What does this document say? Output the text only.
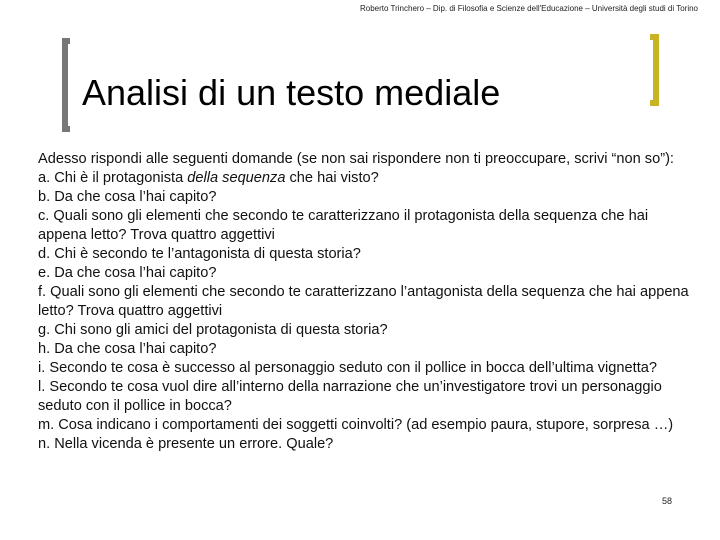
Roberto Trinchero – Dip. di Filosofia e Scienze dell'Educazione – Università degli studi di Torino
Analisi di un testo mediale

Adesso rispondi alle seguenti domande (se non sai rispondere non ti preoccupare, scrivi “non so”):

a. Chi è il protagonista della sequenza che hai visto?

b. Da che cosa l’hai capito?

c. Quali sono gli elementi che secondo te caratterizzano il protagonista della sequenza che hai appena letto? Trova quattro aggettivi

d. Chi è secondo te l’antagonista di questa storia?

e. Da che cosa l’hai capito?

f. Quali sono gli elementi che secondo te caratterizzano l’antagonista della sequenza che hai appena letto? Trova quattro aggettivi

g. Chi sono gli amici del protagonista di questa storia?

h. Da che cosa l’hai capito?

i. Secondo te cosa è successo al personaggio seduto con il pollice in bocca dell’ultima vignetta?

l. Secondo te cosa vuol dire all’interno della narrazione che un’investigatore trovi un personaggio seduto con il pollice in bocca?

m. Cosa indicano i comportamenti dei soggetti coinvolti? (ad esempio paura, stupore, sorpresa …)

n. Nella vicenda è presente un errore. Quale?

58
